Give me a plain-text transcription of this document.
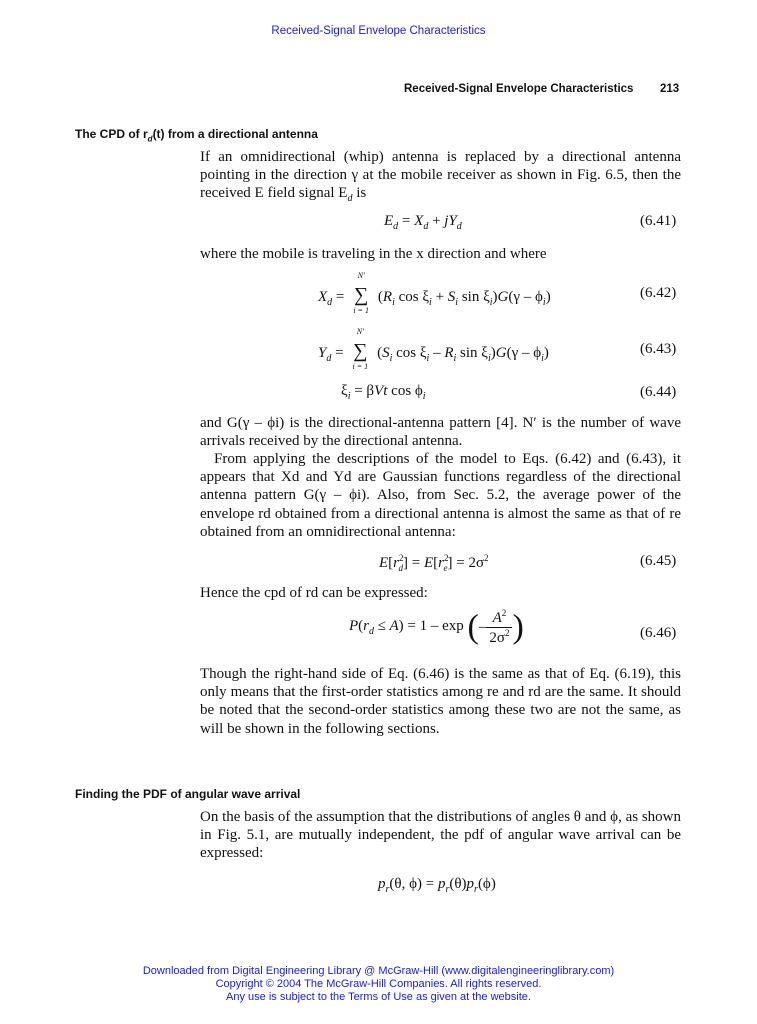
Received-Signal Envelope Characteristics
Received-Signal Envelope Characteristics 213
The CPD of $r_d(t)$ from a directional antenna

If an omnidirectional (whip) antenna is replaced by a directional antenna pointing in the direction γ at the mobile receiver as shown in Fig. 6.5, then the received E field signal $E_d$ is

$E_d = X_d + jY_d$	(6.41)

where the mobile is traveling in the x direction and where

$X_d$ =
N′
∑
i = 1
($R_i$ $\cos \xi_i + S_i$ $\sin \xi_i)G(\gamma - \phi_i)$	(6.42)
$Y_d$ =
N′
∑
i = 1
($S_i$ $\cos \xi_i - R_i$ $\sin \xi_i)G(\gamma - \phi_i)$	(6.43)
$\xi_i = \beta Vt$ $\cos \phi_i$	(6.44)

and G(γ – ϕi) is the directional-antenna pattern [4]. N′ is the number of wave arrivals received by the directional antenna.

From applying the descriptions of the model to Eqs. (6.42) and (6.43), it appears that Xd and Yd are Gaussian functions regardless of the directional antenna pattern G(γ – ϕi). Also, from Sec. 5.2, the average power of the envelope rd obtained from a directional antenna is almost the same as that of re obtained from an omnidirectional antenna:

$E[r^2_d] = E[r^2_e] = 2\sigma^2$	(6.45)

Hence the cpd of rd can be expressed:

$P(r_d \le A) = 1 - \exp$ (– $\frac{A^2}{2\sigma^2}$ )	(6.46)

Though the right-hand side of Eq. (6.46) is the same as that of Eq. (6.19), this only means that the first-order statistics among re and rd are the same. It should be noted that the second-order statistics among these two are not the same, as will be shown in the following sections.

Finding the PDF of angular wave arrival

On the basis of the assumption that the distributions of angles θ and ϕ, as shown in Fig. 5.1, are mutually independent, the pdf of angular wave arrival can be expressed:

$p_r(\theta$, $\phi) = p_r(\theta)p_r(\phi)$
Downloaded from Digital Engineering Library @ McGraw-Hill (www.digitalengineeringlibrary.com)
Copyright © 2004 The McGraw-Hill Companies. All rights reserved.
Any use is subject to the Terms of Use as given at the website.
